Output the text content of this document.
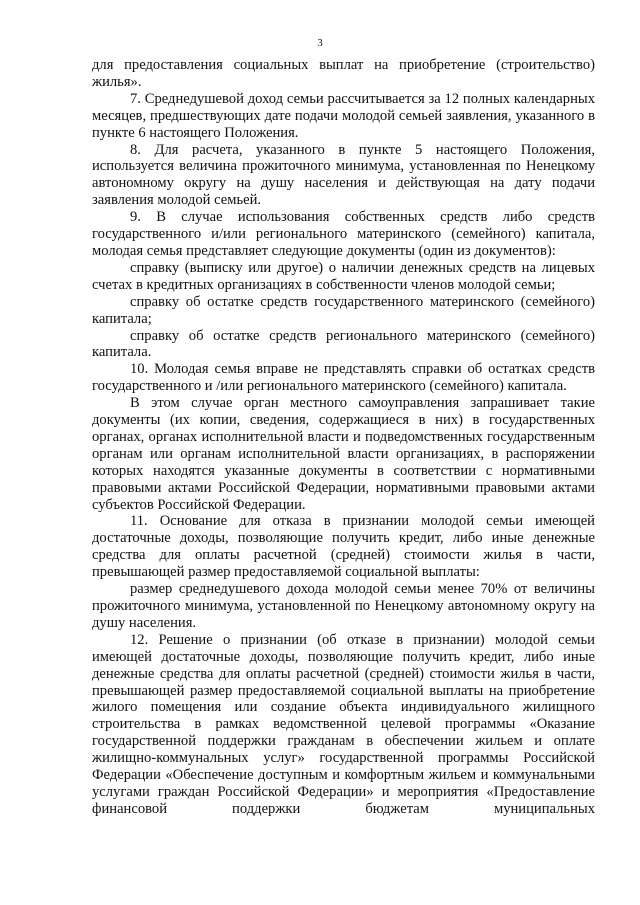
3

для предоставления социальных выплат на приобретение (строительство) жилья».

7. Среднедушевой доход семьи рассчитывается за 12 полных календарных месяцев, предшествующих дате подачи молодой семьей заявления, указанного в пункте 6 настоящего Положения.

8. Для расчета, указанного в пункте 5 настоящего Положения, используется величина прожиточного минимума, установленная по Ненецкому автономному округу на душу населения и действующая на дату подачи заявления молодой семьей.

9. В случае использования собственных средств либо средств государственного и/или регионального материнского (семейного) капитала, молодая семья представляет следующие документы (один из документов):

справку (выписку или другое) о наличии денежных средств на лицевых счетах в кредитных организациях в собственности членов молодой семьи;

справку об остатке средств государственного материнского (семейного) капитала;

справку об остатке средств регионального материнского (семейного) капитала.

10. Молодая семья вправе не представлять справки об остатках средств государственного и /или регионального материнского (семейного) капитала.

В этом случае орган местного самоуправления запрашивает такие документы (их копии, сведения, содержащиеся в них) в государственных органах, органах исполнительной власти и подведомственных государственным органам или органам исполнительной власти организациях, в распоряжении которых находятся указанные документы в соответствии с нормативными правовыми актами Российской Федерации, нормативными правовыми актами субъектов Российской Федерации.

11. Основание для отказа в признании молодой семьи имеющей достаточные доходы, позволяющие получить кредит, либо иные денежные средства для оплаты расчетной (средней) стоимости жилья в части, превышающей размер предоставляемой социальной выплаты:

размер среднедушевого дохода молодой семьи менее 70% от величины прожиточного минимума, установленной по Ненецкому автономному округу на душу населения.

12. Решение о признании (об отказе в признании) молодой семьи имеющей достаточные доходы, позволяющие получить кредит, либо иные денежные средства для оплаты расчетной (средней) стоимости жилья в части, превышающей размер предоставляемой социальной выплаты на приобретение жилого помещения или создание объекта индивидуального жилищного строительства в рамках ведомственной целевой программы «Оказание государственной поддержки гражданам в обеспечении жильем и оплате жилищно-коммунальных услуг» государственной программы Российской Федерации «Обеспечение доступным и комфортным жильем и коммунальными услугами граждан Российской Федерации» и мероприятия «Предоставление финансовой поддержки бюджетам муниципальных
